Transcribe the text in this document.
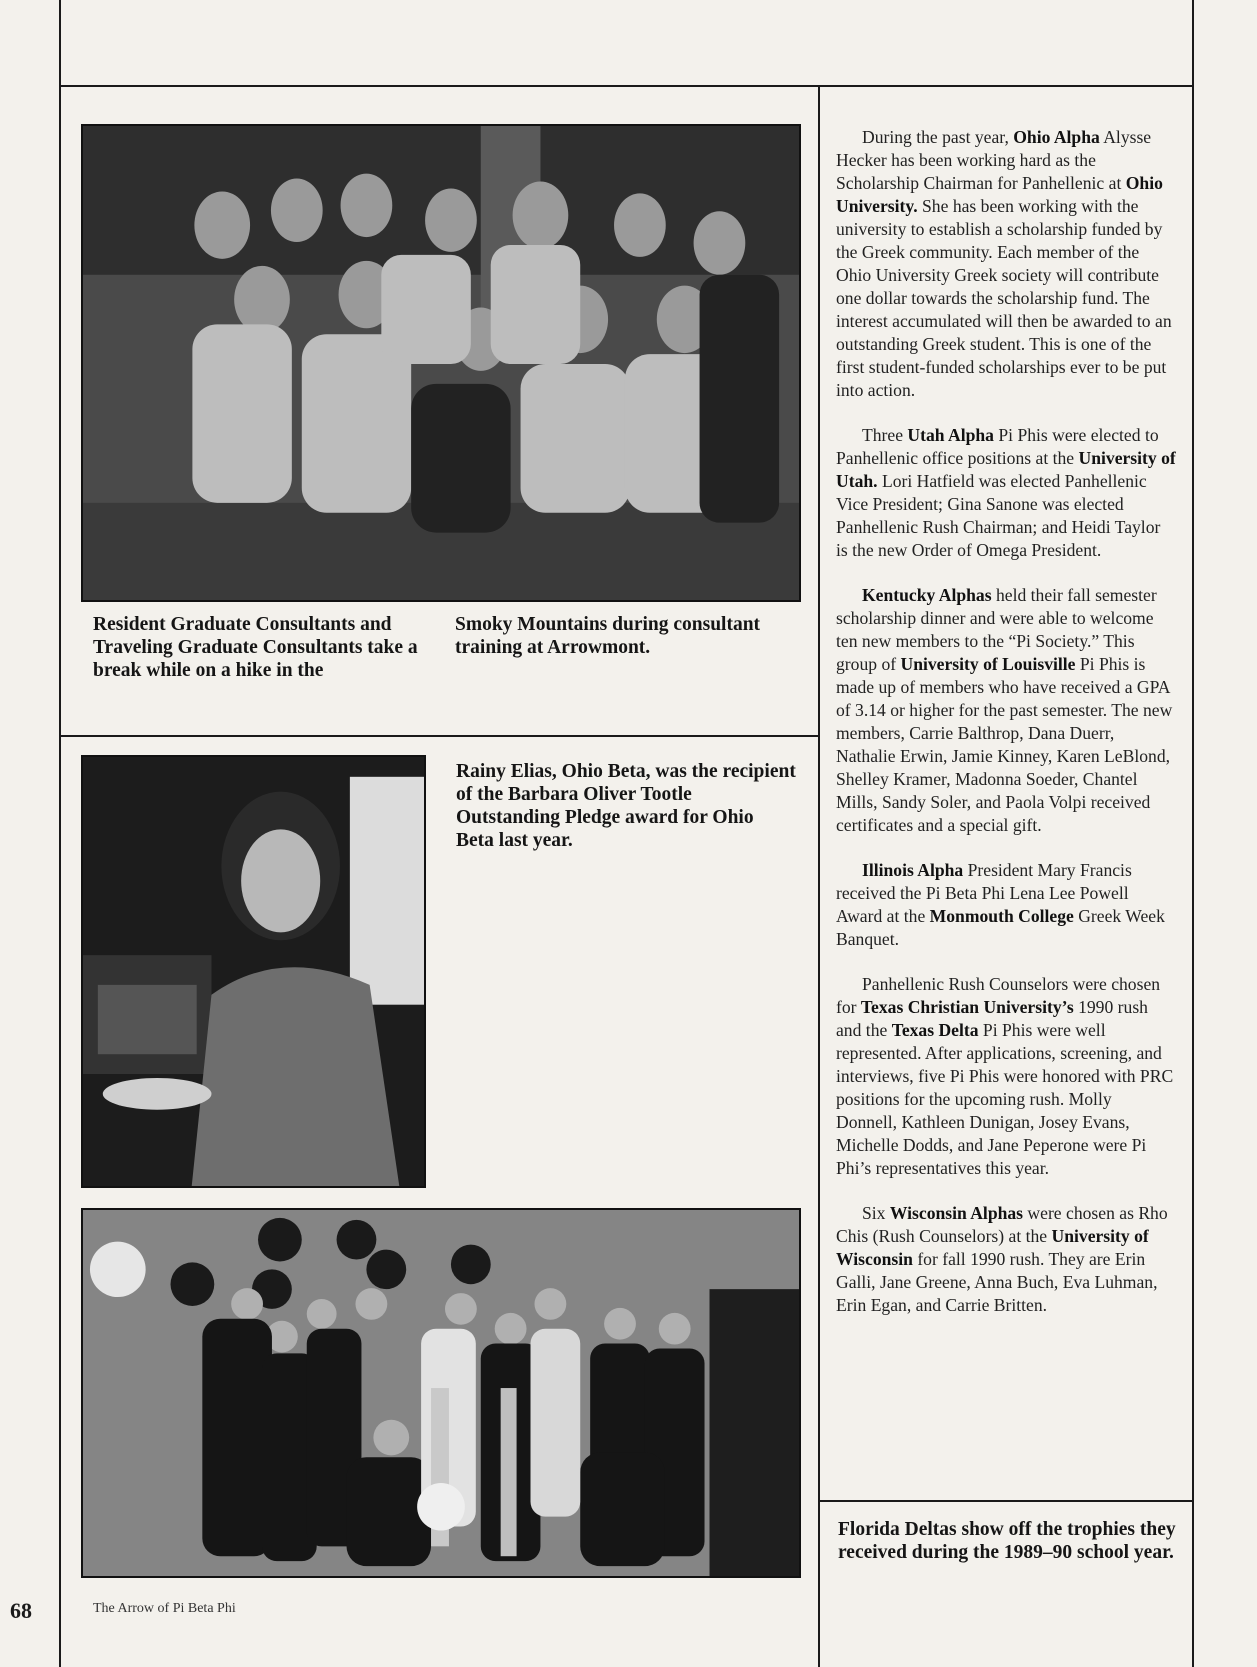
Resident Graduate Consultants and Traveling Graduate Consultants take a break while on a hike in the

Smoky Mountains during consultant training at Arrowmont.

Rainy Elias, Ohio Beta, was the recipient of the Barbara Oliver Tootle Outstanding Pledge award for Ohio Beta last year.

During the past year, Ohio Alpha Alysse Hecker has been working hard as the Scholarship Chairman for Panhellenic at Ohio University. She has been working with the university to establish a scholarship funded by the Greek community. Each member of the Ohio University Greek society will contribute one dollar towards the scholarship fund. The interest accumulated will then be awarded to an outstanding Greek student. This is one of the first student-funded scholarships ever to be put into action.

Three Utah Alpha Pi Phis were elected to Panhellenic office positions at the University of Utah. Lori Hatfield was elected Panhellenic Vice President; Gina Sanone was elected Panhellenic Rush Chairman; and Heidi Taylor is the new Order of Omega President.

Kentucky Alphas held their fall semester scholarship dinner and were able to welcome ten new members to the “Pi Society.” This group of University of Louisville Pi Phis is made up of members who have received a GPA of 3.14 or higher for the past semester. The new members, Carrie Balthrop, Dana Duerr, Nathalie Erwin, Jamie Kinney, Karen LeBlond, Shelley Kramer, Madonna Soeder, Chantel Mills, Sandy Soler, and Paola Volpi received certificates and a special gift.

Illinois Alpha President Mary Francis received the Pi Beta Phi Lena Lee Powell Award at the Monmouth College Greek Week Banquet.

Panhellenic Rush Counselors were chosen for Texas Christian University’s 1990 rush and the Texas Delta Pi Phis were well represented. After applications, screening, and interviews, five Pi Phis were honored with PRC positions for the upcoming rush. Molly Donnell, Kathleen Dunigan, Josey Evans, Michelle Dodds, and Jane Peperone were Pi Phi’s representatives this year.

Six Wisconsin Alphas were chosen as Rho Chis (Rush Counselors) at the University of Wisconsin for fall 1990 rush. They are Erin Galli, Jane Greene, Anna Buch, Eva Luhman, Erin Egan, and Carrie Britten.

Florida Deltas show off the trophies they received during the 1989–90 school year.

68	The Arrow of Pi Beta Phi
